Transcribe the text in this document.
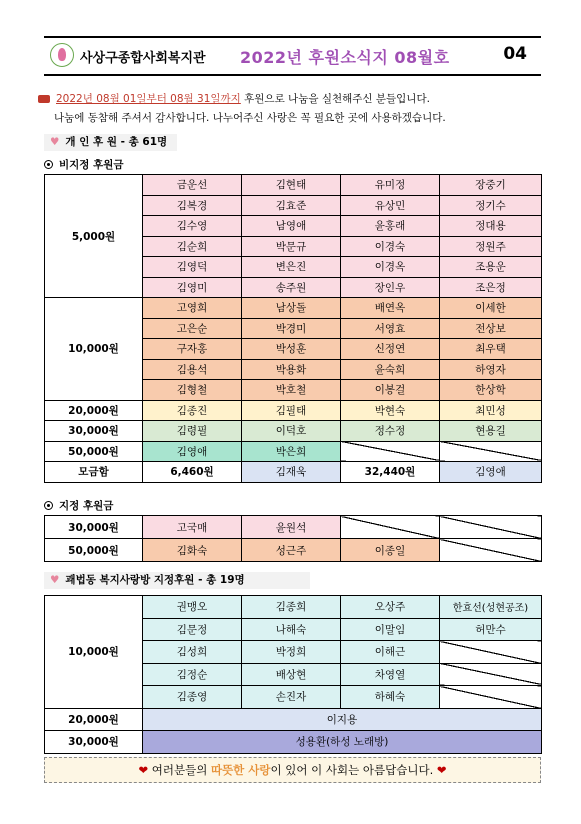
사상구종합사회복지관 2022년 후원소식지 08월호	04
2022년 08월 01일부터 08월 31일까지 후원으로 나눔을 실천해주신 분들입니다.
나눔에 동참해 주셔서 감사합니다. 나누어주신 사랑은 꼭 필요한 곳에 사용하겠습니다.
♥ 개 인 후 원 - 총 61명
비지정 후원금
5,000원	금운선	김현태	유미정	장중기
	김복경	김효준	유상민	정기수
	김수영	남영애	윤홍래	정대용
	김순희	박문규	이경숙	정원주
	김영덕	변은진	이경옥	조용운
	김영미	송주원	장인우	조은정
10,000원	고영희	남상돌	배연옥	이세한
	고은순	박경미	서영효	전상보
	구자홍	박성훈	신정연	최우택
	김용석	박용화	윤숙희	하영자
	김형철	박호철	이봉걸	한상학
20,000원	김종진	김필태	박현숙	최민성
30,000원	김령필	이덕호	정수정	현용길
50,000원	김영애	박은희		
모금함	6,460원	김재욱	32,440원	김영애
지정 후원금
30,000원	고국매	윤원석		
50,000원	김화숙	성근주	이종일	
♥ 괘법동 복지사랑방 지정후원 - 총 19명
10,000원	권맹오	김종희	오상주	한효선(성현공조)
	김문정	나해숙	이말임	허만수
	김성희	박정희	이해근	
	김정순	배상현	차영열	
	김종영	손진자	하혜숙	
20,000원	이지용			
30,000원	성용환(하성 노래방)			
❤ 여러분들의 따뜻한 사랑이 있어 이 사회는 아름답습니다. ❤
